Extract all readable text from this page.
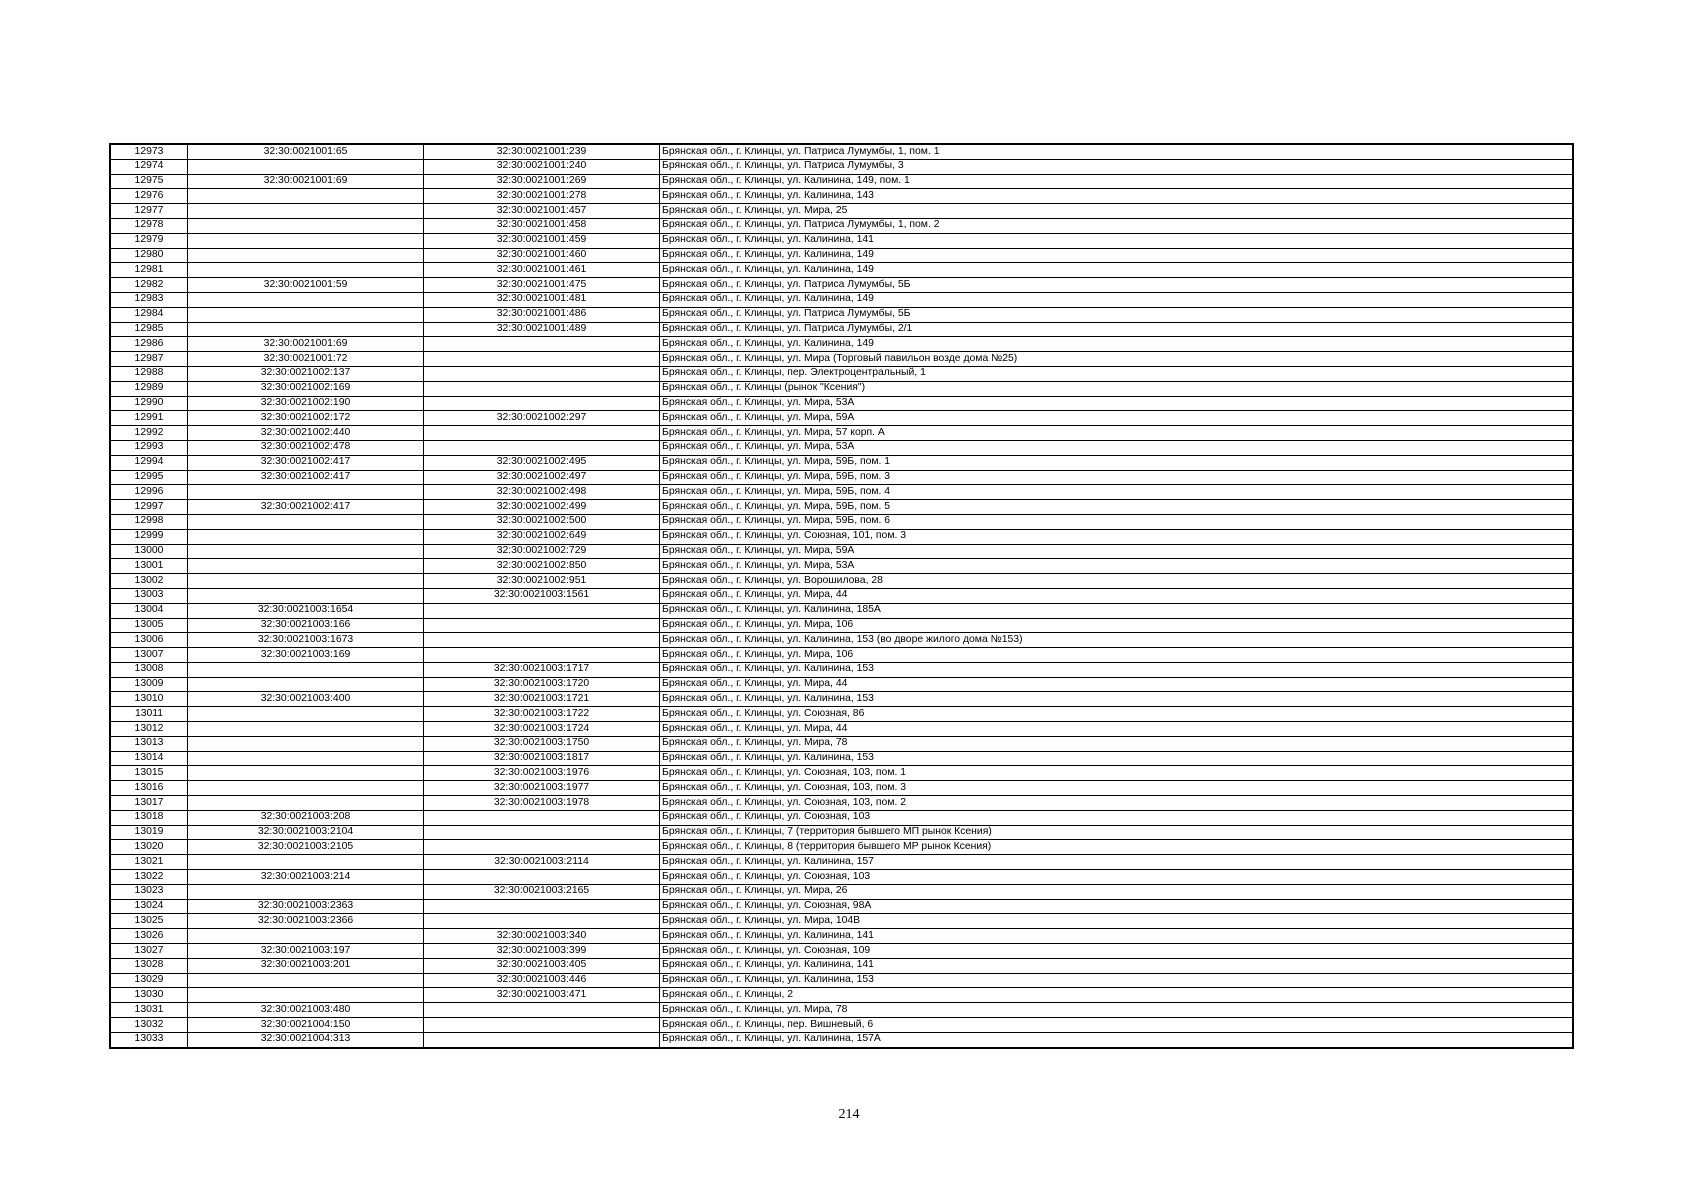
12973	32:30:0021001:65	32:30:0021001:239	Брянская обл., г. Клинцы, ул. Патриса Лумумбы, 1, пом. 1
12974		32:30:0021001:240	Брянская обл., г. Клинцы, ул. Патриса Лумумбы, 3
12975	32:30:0021001:69	32:30:0021001:269	Брянская обл., г. Клинцы, ул. Калинина, 149, пом. 1
12976		32:30:0021001:278	Брянская обл., г. Клинцы, ул. Калинина, 143
12977		32:30:0021001:457	Брянская обл., г. Клинцы, ул. Мира, 25
12978		32:30:0021001:458	Брянская обл., г. Клинцы, ул. Патриса Лумумбы, 1, пом. 2
12979		32:30:0021001:459	Брянская обл., г. Клинцы, ул. Калинина, 141
12980		32:30:0021001:460	Брянская обл., г. Клинцы, ул. Калинина, 149
12981		32:30:0021001:461	Брянская обл., г. Клинцы, ул. Калинина, 149
12982	32:30:0021001:59	32:30:0021001:475	Брянская обл., г. Клинцы, ул. Патриса Лумумбы, 5Б
12983		32:30:0021001:481	Брянская обл., г. Клинцы, ул. Калинина, 149
12984		32:30:0021001:486	Брянская обл., г. Клинцы, ул. Патриса Лумумбы, 5Б
12985		32:30:0021001:489	Брянская обл., г. Клинцы, ул. Патриса Лумумбы, 2/1
12986	32:30:0021001:69		Брянская обл., г. Клинцы, ул. Калинина, 149
12987	32:30:0021001:72		Брянская обл., г. Клинцы, ул. Мира (Торговый павильон возде дома №25)
12988	32:30:0021002:137		Брянская обл., г. Клинцы, пер. Электроцентральный, 1
12989	32:30:0021002:169		Брянская обл., г. Клинцы (рынок "Ксения")
12990	32:30:0021002:190		Брянская обл., г. Клинцы, ул. Мира, 53А
12991	32:30:0021002:172	32:30:0021002:297	Брянская обл., г. Клинцы, ул. Мира, 59А
12992	32:30:0021002:440		Брянская обл., г. Клинцы, ул. Мира, 57 корп. А
12993	32:30:0021002:478		Брянская обл., г. Клинцы, ул. Мира, 53А
12994	32:30:0021002:417	32:30:0021002:495	Брянская обл., г. Клинцы, ул. Мира, 59Б, пом. 1
12995	32:30:0021002:417	32:30:0021002:497	Брянская обл., г. Клинцы, ул. Мира, 59Б, пом. 3
12996		32:30:0021002:498	Брянская обл., г. Клинцы, ул. Мира, 59Б, пом. 4
12997	32:30:0021002:417	32:30:0021002:499	Брянская обл., г. Клинцы, ул. Мира, 59Б, пом. 5
12998		32:30:0021002:500	Брянская обл., г. Клинцы, ул. Мира, 59Б, пом. 6
12999		32:30:0021002:649	Брянская обл., г. Клинцы, ул. Союзная, 101, пом. 3
13000		32:30:0021002:729	Брянская обл., г. Клинцы, ул. Мира, 59А
13001		32:30:0021002:850	Брянская обл., г. Клинцы, ул. Мира, 53А
13002		32:30:0021002:951	Брянская обл., г. Клинцы, ул. Ворошилова, 28
13003		32:30:0021003:1561	Брянская обл., г. Клинцы, ул. Мира, 44
13004	32:30:0021003:1654		Брянская обл., г. Клинцы, ул. Калинина, 185А
13005	32:30:0021003:166		Брянская обл., г. Клинцы, ул. Мира, 106
13006	32:30:0021003:1673		Брянская обл., г. Клинцы, ул. Калинина, 153 (во дворе жилого дома №153)
13007	32:30:0021003:169		Брянская обл., г. Клинцы, ул. Мира, 106
13008		32:30:0021003:1717	Брянская обл., г. Клинцы, ул. Калинина, 153
13009		32:30:0021003:1720	Брянская обл., г. Клинцы, ул. Мира, 44
13010	32:30:0021003:400	32:30:0021003:1721	Брянская обл., г. Клинцы, ул. Калинина, 153
13011		32:30:0021003:1722	Брянская обл., г. Клинцы, ул. Союзная, 86
13012		32:30:0021003:1724	Брянская обл., г. Клинцы, ул. Мира, 44
13013		32:30:0021003:1750	Брянская обл., г. Клинцы, ул. Мира, 78
13014		32:30:0021003:1817	Брянская обл., г. Клинцы, ул. Калинина, 153
13015		32:30:0021003:1976	Брянская обл., г. Клинцы, ул. Союзная, 103, пом. 1
13016		32:30:0021003:1977	Брянская обл., г. Клинцы, ул. Союзная, 103, пом. 3
13017		32:30:0021003:1978	Брянская обл., г. Клинцы, ул. Союзная, 103, пом. 2
13018	32:30:0021003:208		Брянская обл., г. Клинцы, ул. Союзная, 103
13019	32:30:0021003:2104		Брянская обл., г. Клинцы, 7 (территория бывшего МП рынок Ксения)
13020	32:30:0021003:2105		Брянская обл., г. Клинцы, 8 (территория бывшего МР рынок Ксения)
13021		32:30:0021003:2114	Брянская обл., г. Клинцы, ул. Калинина, 157
13022	32:30:0021003:214		Брянская обл., г. Клинцы, ул. Союзная, 103
13023		32:30:0021003:2165	Брянская обл., г. Клинцы, ул. Мира, 26
13024	32:30:0021003:2363		Брянская обл., г. Клинцы, ул. Союзная, 98А
13025	32:30:0021003:2366		Брянская обл., г. Клинцы, ул. Мира, 104В
13026		32:30:0021003:340	Брянская обл., г. Клинцы, ул. Калинина, 141
13027	32:30:0021003:197	32:30:0021003:399	Брянская обл., г. Клинцы, ул. Союзная, 109
13028	32:30:0021003:201	32:30:0021003:405	Брянская обл., г. Клинцы, ул. Калинина, 141
13029		32:30:0021003:446	Брянская обл., г. Клинцы, ул. Калинина, 153
13030		32:30:0021003:471	Брянская обл., г. Клинцы, 2
13031	32:30:0021003:480		Брянская обл., г. Клинцы, ул. Мира, 78
13032	32:30:0021004:150		Брянская обл., г. Клинцы, пер. Вишневый, 6
13033	32:30:0021004:313		Брянская обл., г. Клинцы, ул. Калинина, 157А
214
